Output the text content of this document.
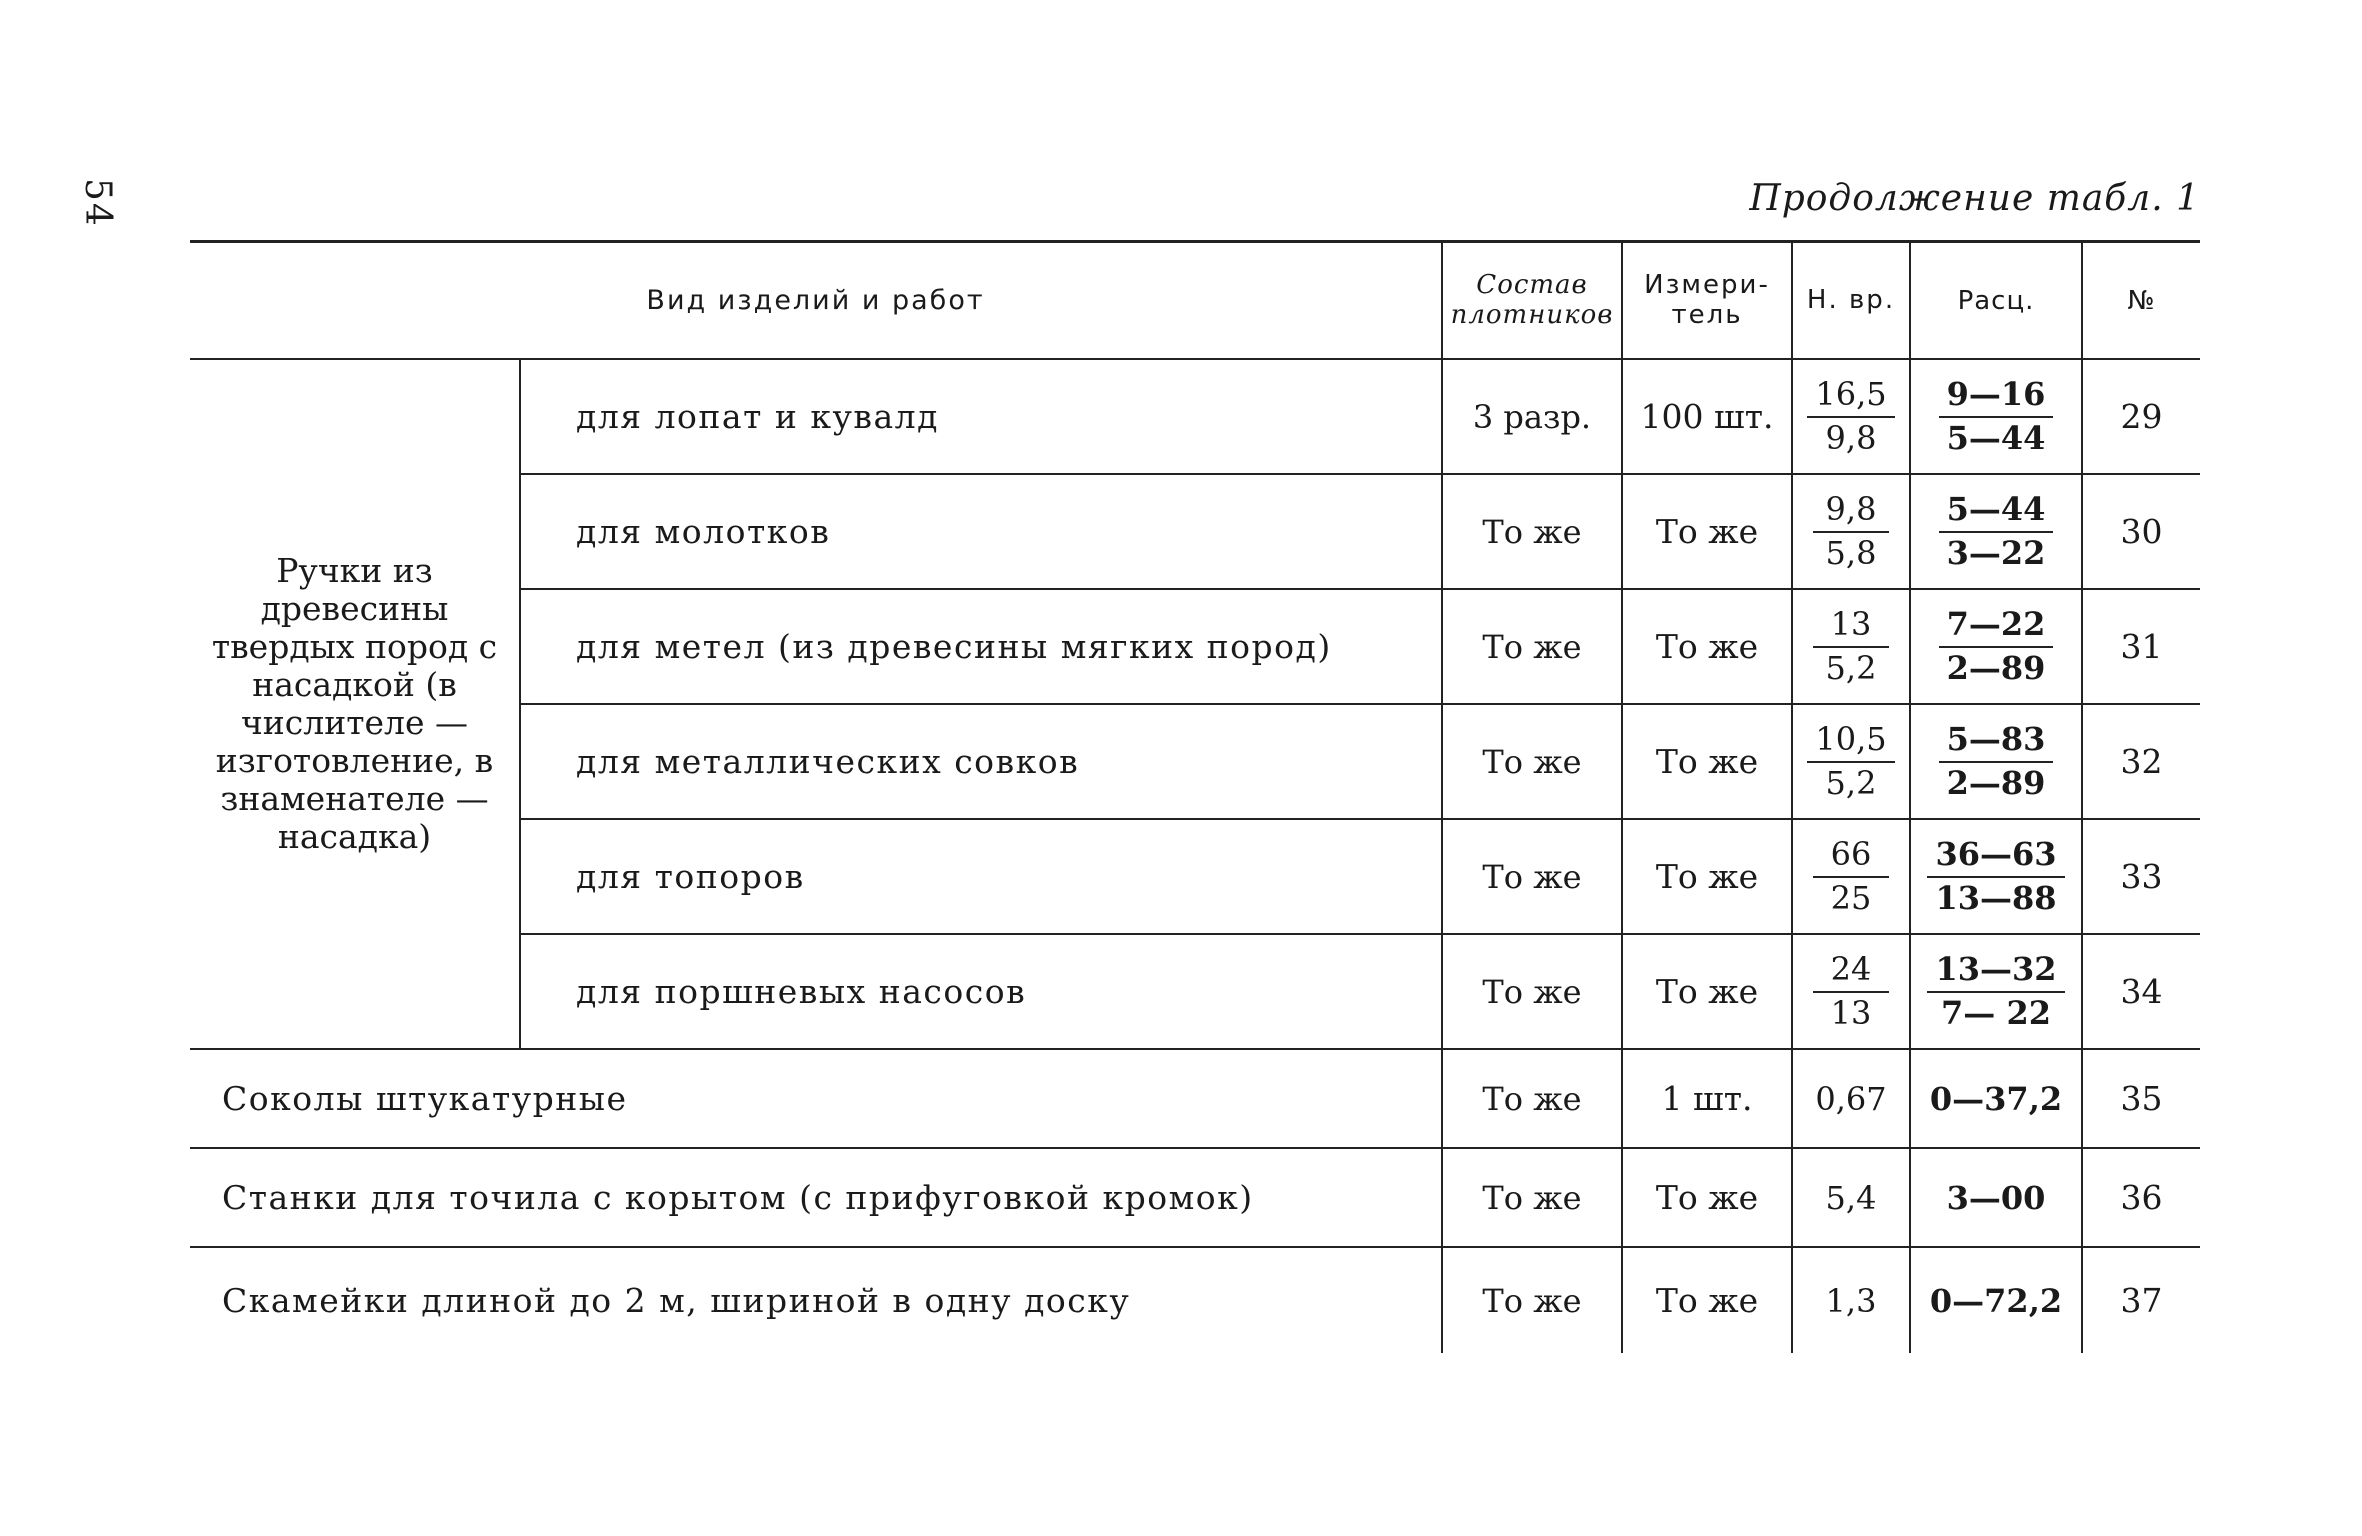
54	Продолжение табл. 1
Вид изделий и работ		Состав плотников	Измери-тель	Н. вр.	Расц.	№
Ручки из древесины твердых пород с насадкой (в числителе — изготовление, в знаменателе — насадка)	для лопат и кувалд	3 разр.	100 шт.	$\frac{16,5}{9,8}$	$\frac{9—16}{5—44}$	29
	для молотков	То же	То же	$\frac{9,8}{5,8}$	$\frac{5—44}{3—22}$	30
	для метел (из древесины мягких пород)	То же	То же	$\frac{13}{5,2}$	$\frac{7—22}{2—89}$	31
	для металлических совков	То же	То же	$\frac{10,5}{5,2}$	$\frac{5—83}{2—89}$	32
	для топоров	То же	То же	$\frac{66}{25}$	$\frac{36—63}{13—88}$	33
	для поршневых насосов	То же	То же	$\frac{24}{13}$	$\frac{13—32}{7— 22}$	34
Соколы штукатурные		То же	1 шт.	0,67	0—37,2	35
Станки для точила с корытом (с прифуговкой кромок)		То же	То же	5,4	3—00	36
Скамейки длиной до 2 м, шириной в одну доску		То же	То же	1,3	0—72,2	37
